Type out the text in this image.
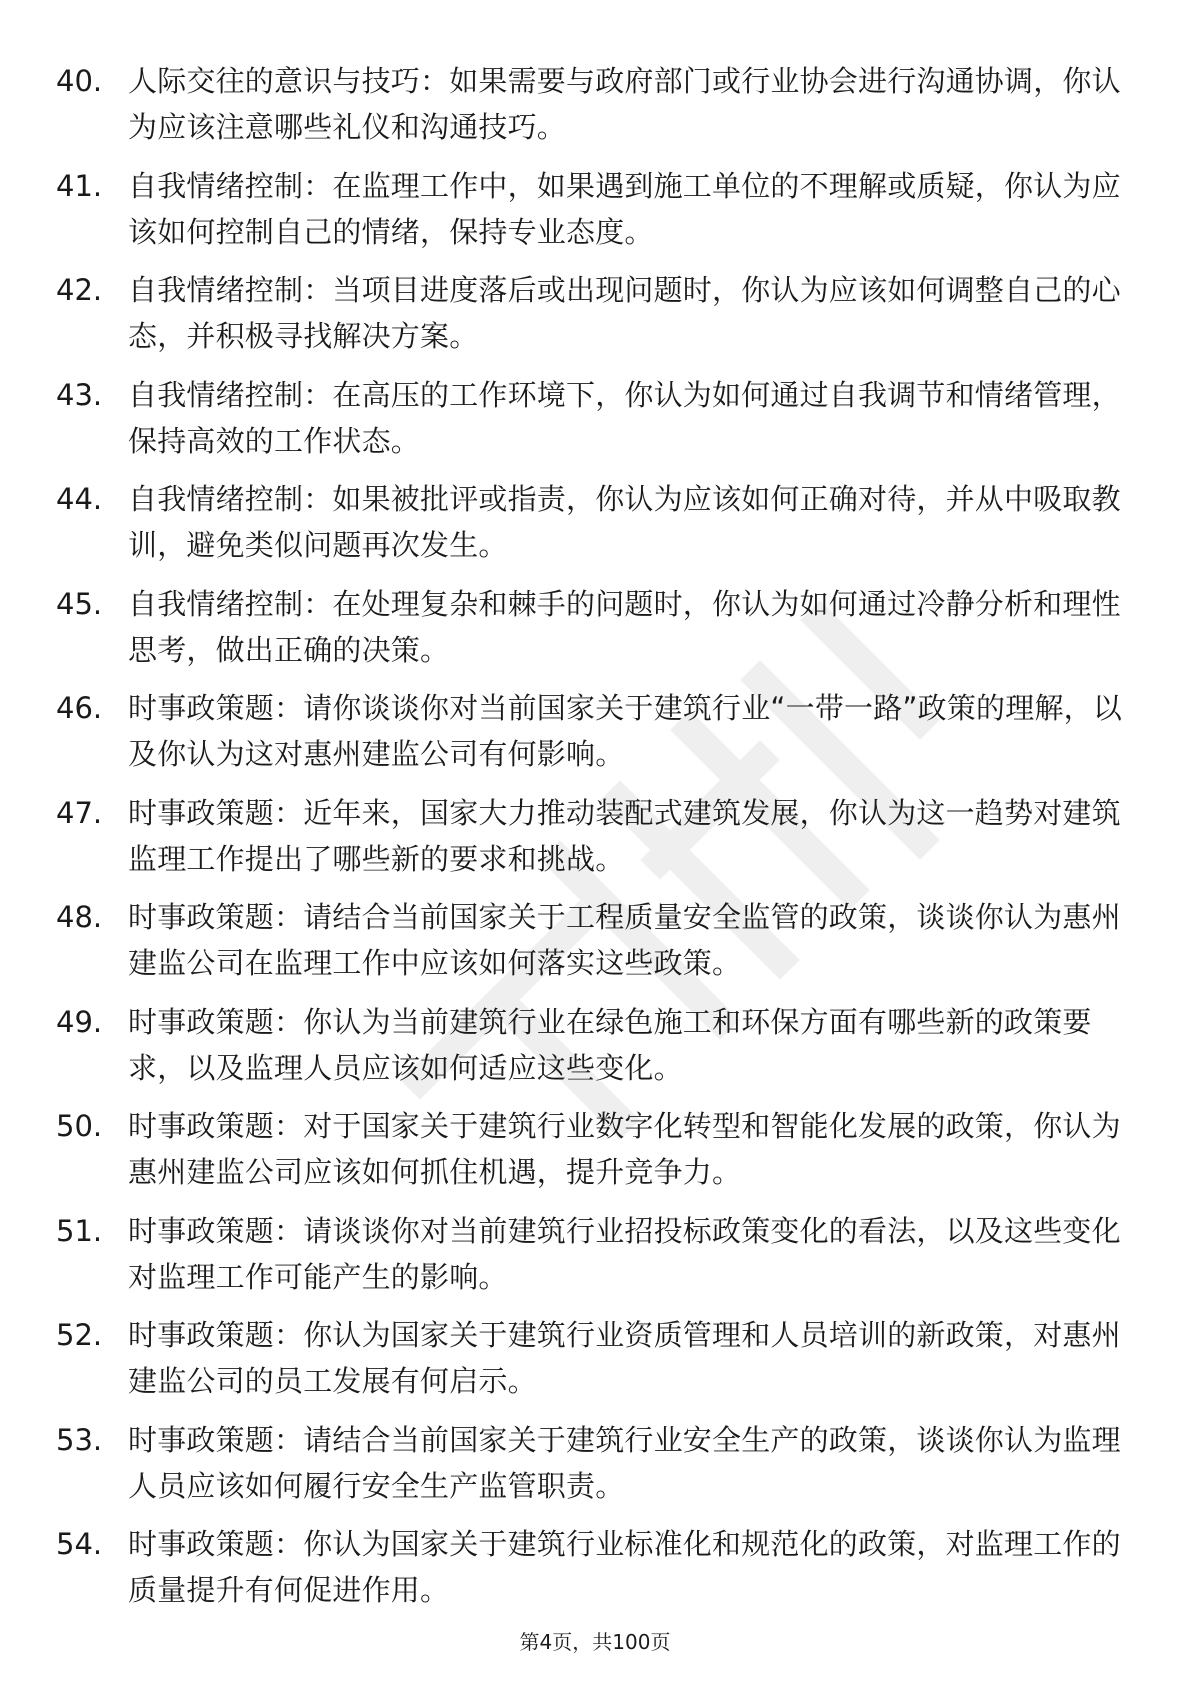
40. 人际交往的意识与技巧：如果需要与政府部门或行业协会进行沟通协调，你认为应该注意哪些礼仪和沟通技巧。
41. 自我情绪控制：在监理工作中，如果遇到施工单位的不理解或质疑，你认为应该如何控制自己的情绪，保持专业态度。
42. 自我情绪控制：当项目进度落后或出现问题时，你认为应该如何调整自己的心态，并积极寻找解决方案。
43. 自我情绪控制：在高压的工作环境下，你认为如何通过自我调节和情绪管理，保持高效的工作状态。
44. 自我情绪控制：如果被批评或指责，你认为应该如何正确对待，并从中吸取教训，避免类似问题再次发生。
45. 自我情绪控制：在处理复杂和棘手的问题时，你认为如何通过冷静分析和理性思考，做出正确的决策。
46. 时事政策题：请你谈谈你对当前国家关于建筑行业“一带一路”政策的理解，以及你认为这对惠州建监公司有何影响。
47. 时事政策题：近年来，国家大力推动装配式建筑发展，你认为这一趋势对建筑监理工作提出了哪些新的要求和挑战。
48. 时事政策题：请结合当前国家关于工程质量安全监管的政策，谈谈你认为惠州建监公司在监理工作中应该如何落实这些政策。
49. 时事政策题：你认为当前建筑行业在绿色施工和环保方面有哪些新的政策要求，以及监理人员应该如何适应这些变化。
50. 时事政策题：对于国家关于建筑行业数字化转型和智能化发展的政策，你认为惠州建监公司应该如何抓住机遇，提升竞争力。
51. 时事政策题：请谈谈你对当前建筑行业招投标政策变化的看法，以及这些变化对监理工作可能产生的影响。
52. 时事政策题：你认为国家关于建筑行业资质管理和人员培训的新政策，对惠州建监公司的员工发展有何启示。
53. 时事政策题：请结合当前国家关于建筑行业安全生产的政策，谈谈你认为监理人员应该如何履行安全生产监管职责。
54. 时事政策题：你认为国家关于建筑行业标准化和规范化的政策，对监理工作的质量提升有何促进作用。
第4页，共100页
